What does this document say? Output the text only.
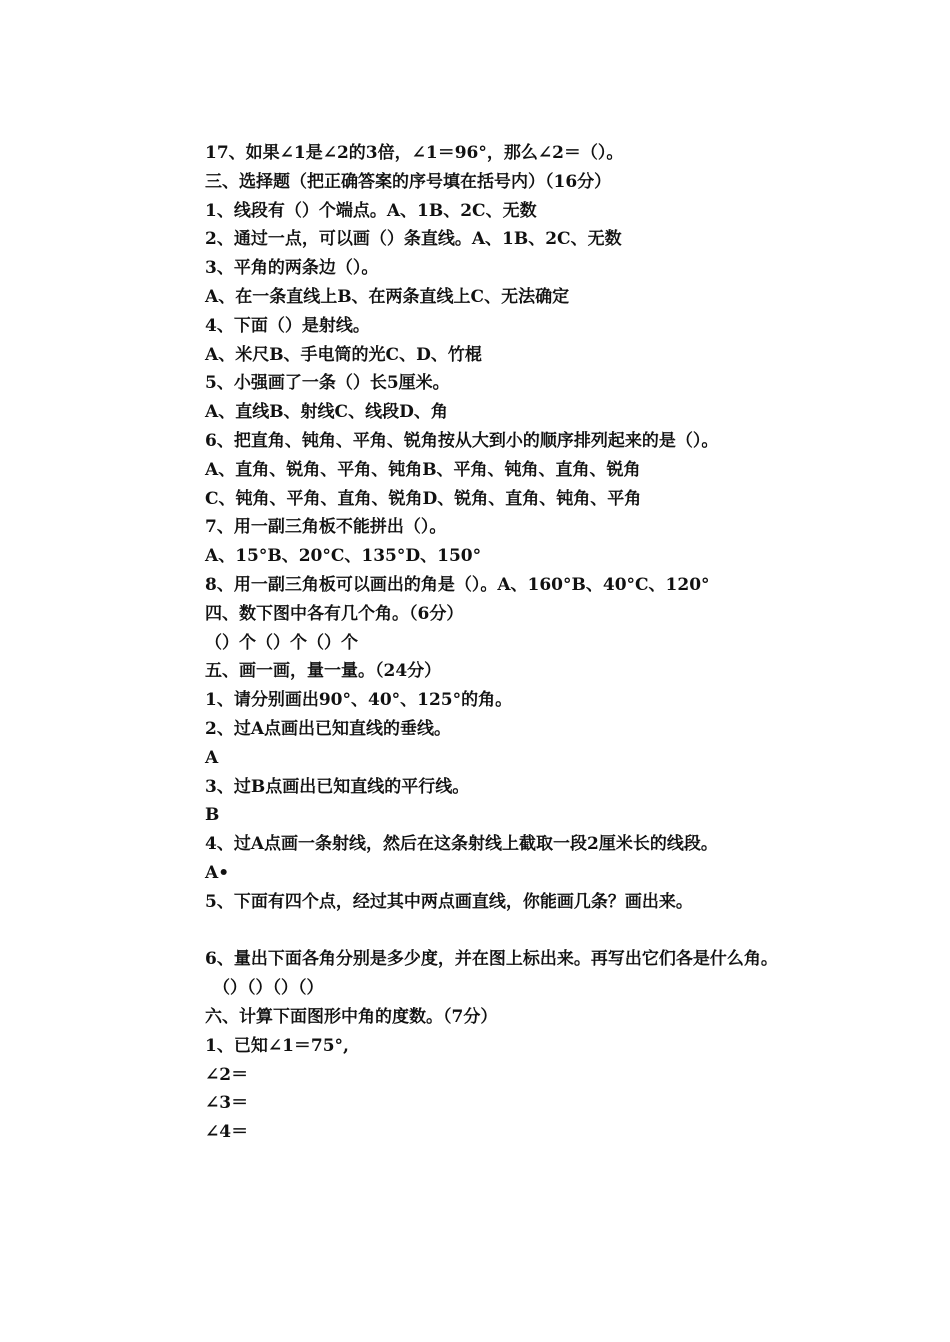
17、如果∠1是∠2的3倍，∠1＝96°，那么∠2＝（）。
三、选择题（把正确答案的序号填在括号内）（16分）
1、线段有（）个端点。A、1B、2C、无数
2、通过一点，可以画（）条直线。A、1B、2C、无数
3、平角的两条边（）。
A、在一条直线上B、在两条直线上C、无法确定
4、下面（）是射线。
A、米尺B、手电筒的光C、D、竹棍
5、小强画了一条（）长5厘米。
A、直线B、射线C、线段D、角
6、把直角、钝角、平角、锐角按从大到小的顺序排列起来的是（）。
A、直角、锐角、平角、钝角B、平角、钝角、直角、锐角
C、钝角、平角、直角、锐角D、锐角、直角、钝角、平角
7、用一副三角板不能拼出（）。
A、15°B、20°C、135°D、150°
8、用一副三角板可以画出的角是（）。A、160°B、40°C、120°
四、数下图中各有几个角。（6分）
（）个（）个（）个
五、画一画，量一量。（24分）
1、请分别画出90°、40°、125°的角。
2、过A点画出已知直线的垂线。
A
3、过B点画出已知直线的平行线。
B
4、过A点画一条射线，然后在这条射线上截取一段2厘米长的线段。
A•
5、下面有四个点，经过其中两点画直线，你能画几条？画出来。
6、量出下面各角分别是多少度，并在图上标出来。再写出它们各是什么角。
（）（）（）（）
六、计算下面图形中角的度数。（7分）
1、已知∠1＝75°,
∠2＝
∠3＝
∠4＝
